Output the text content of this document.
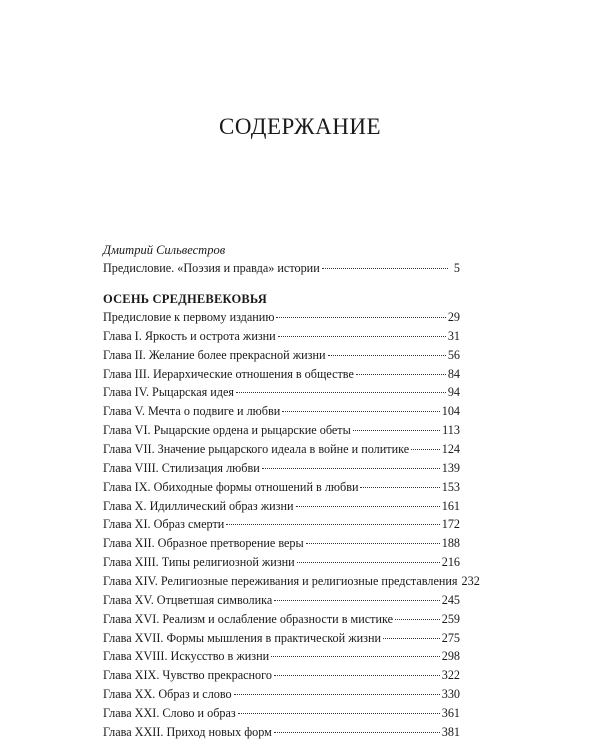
СОДЕРЖАНИЕ

Дмитрий Сильвестров

Предисловие. «Поэзия и правда» истории	5

ОСЕНЬ СРЕДНЕВЕКОВЬЯ

Предисловие к первому изданию	29
Глава I. Яркость и острота жизни	31
Глава II. Желание более прекрасной жизни	56
Глава III. Иерархические отношения в обществе	84
Глава IV. Рыцарская идея	94
Глава V. Мечта о подвиге и любви	104
Глава VI. Рыцарские ордена и рыцарские обеты	113
Глава VII. Значение рыцарского идеала в войне и политике	124
Глава VIII. Стилизация любви	139
Глава IX. Обиходные формы отношений в любви	153
Глава X. Идиллический образ жизни	161
Глава XI. Образ смерти	172
Глава XII. Образное претворение веры	188
Глава XIII. Типы религиозной жизни	216
Глава XIV. Религиозные переживания и религиозные представления 232
Глава XV. Отцветшая символика	245
Глава XVI. Реализм и ослабление образности в мистике	259
Глава XVII. Формы мышления в практической жизни	275
Глава XVIII. Искусство в жизни	298
Глава XIX. Чувство прекрасного	322
Глава XX. Образ и слово	330
Глава XXI. Слово и образ	361
Глава XXII. Приход новых форм	381
